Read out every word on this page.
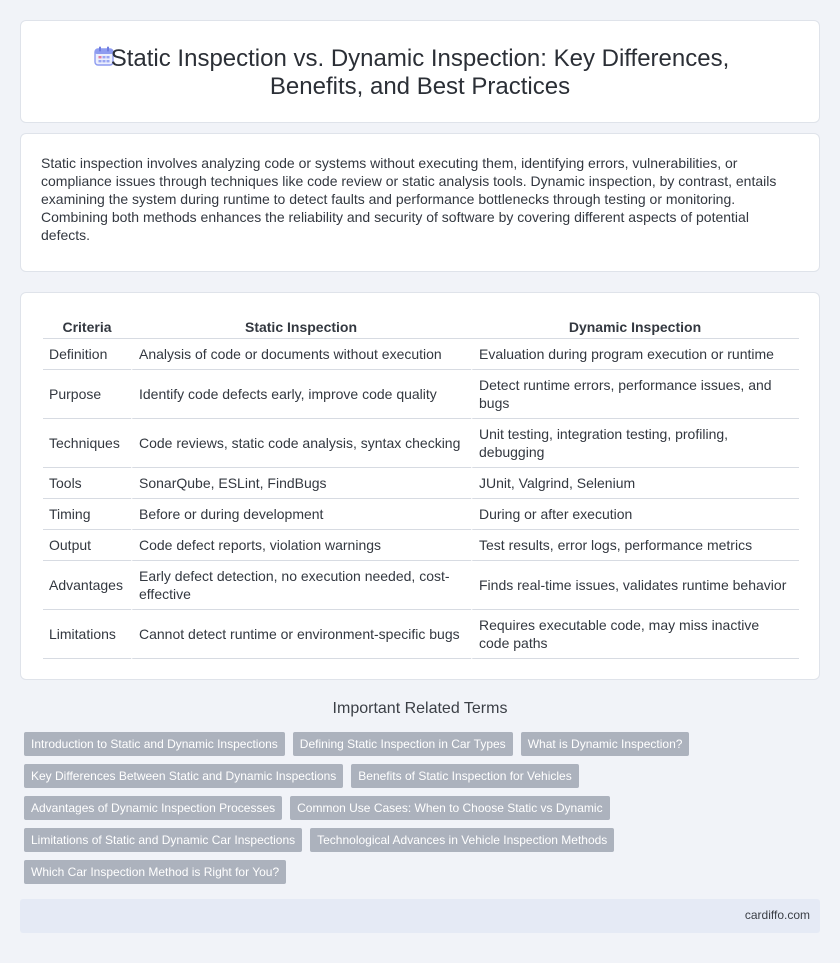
Static Inspection vs. Dynamic Inspection: Key Differences,
Benefits, and Best Practices

Static inspection involves analyzing code or systems without executing them, identifying errors, vulnerabilities, or compliance issues through techniques like code review or static analysis tools. Dynamic inspection, by contrast, entails examining the system during runtime to detect faults and performance bottlenecks through testing or monitoring. Combining both methods enhances the reliability and security of software by covering different aspects of potential defects.

Criteria	Static Inspection	Dynamic Inspection
Definition	Analysis of code or documents without execution	Evaluation during program execution or runtime
Purpose	Identify code defects early, improve code quality	Detect runtime errors, performance issues, and bugs
Techniques	Code reviews, static code analysis, syntax checking	Unit testing, integration testing, profiling, debugging
Tools	SonarQube, ESLint, FindBugs	JUnit, Valgrind, Selenium
Timing	Before or during development	During or after execution
Output	Code defect reports, violation warnings	Test results, error logs, performance metrics
Advantages	Early defect detection, no execution needed, cost-effective	Finds real-time issues, validates runtime behavior
Limitations	Cannot detect runtime or environment-specific bugs	Requires executable code, may miss inactive code paths
Important Related Terms
Introduction to Static and Dynamic Inspections	Defining Static Inspection in Car Types	What is Dynamic Inspection?
Key Differences Between Static and Dynamic Inspections	Benefits of Static Inspection for Vehicles
Advantages of Dynamic Inspection Processes	Common Use Cases: When to Choose Static vs Dynamic
Limitations of Static and Dynamic Car Inspections	Technological Advances in Vehicle Inspection Methods
Which Car Inspection Method is Right for You?
cardiffo.com
